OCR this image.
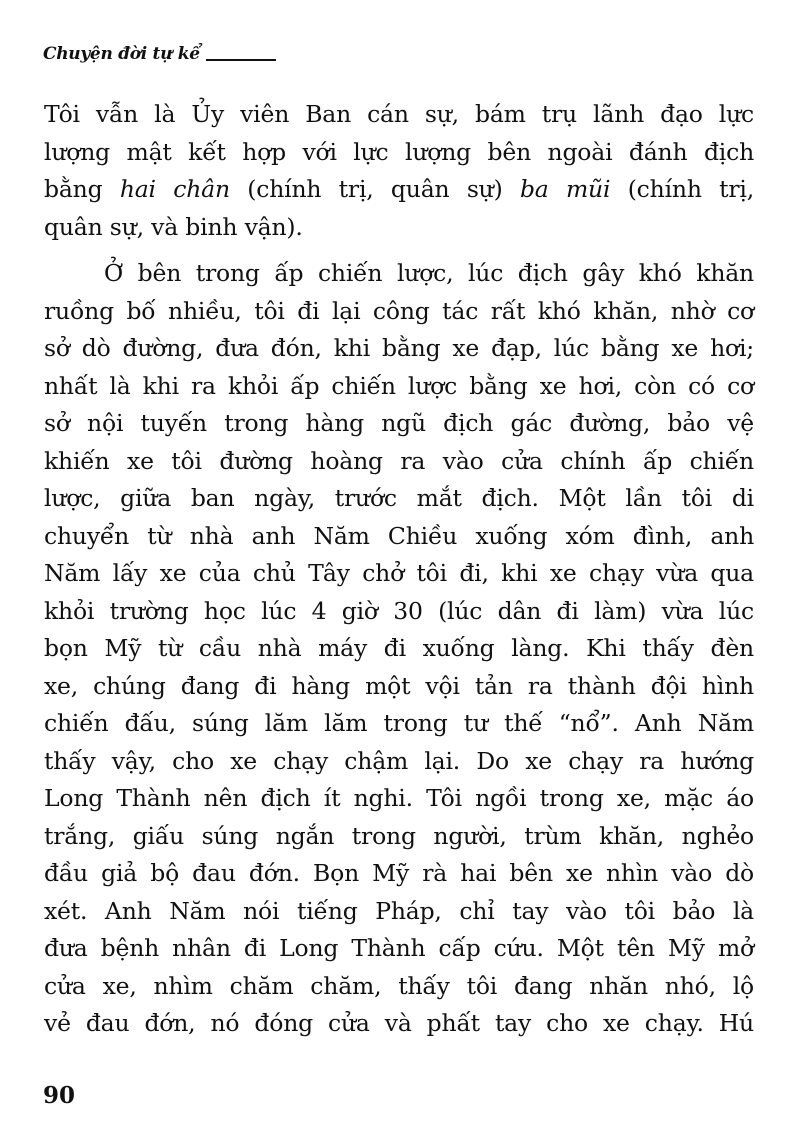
Chuyện đời tự kể
Tôi vẫn là Ủy viên Ban cán sự, bám trụ lãnh đạo lực
lượng mật kết hợp với lực lượng bên ngoài đánh địch
bằng hai chân (chính trị, quân sự) ba mũi (chính trị,
quân sự, và binh vận).
Ở bên trong ấp chiến lược, lúc địch gây khó khăn
ruồng bố nhiều, tôi đi lại công tác rất khó khăn, nhờ cơ
sở dò đường, đưa đón, khi bằng xe đạp, lúc bằng xe hơi;
nhất là khi ra khỏi ấp chiến lược bằng xe hơi, còn có cơ
sở nội tuyến trong hàng ngũ địch gác đường, bảo vệ
khiến xe tôi đường hoàng ra vào cửa chính ấp chiến
lược, giữa ban ngày, trước mắt địch. Một lần tôi di
chuyển từ nhà anh Năm Chiều xuống xóm đình, anh
Năm lấy xe của chủ Tây chở tôi đi, khi xe chạy vừa qua
khỏi trường học lúc 4 giờ 30 (lúc dân đi làm) vừa lúc
bọn Mỹ từ cầu nhà máy đi xuống làng. Khi thấy đèn
xe, chúng đang đi hàng một vội tản ra thành đội hình
chiến đấu, súng lăm lăm trong tư thế “nổ”. Anh Năm
thấy vậy, cho xe chạy chậm lại. Do xe chạy ra hướng
Long Thành nên địch ít nghi. Tôi ngồi trong xe, mặc áo
trắng, giấu súng ngắn trong người, trùm khăn, nghẻo
đầu giả bộ đau đớn. Bọn Mỹ rà hai bên xe nhìn vào dò
xét. Anh Năm nói tiếng Pháp, chỉ tay vào tôi bảo là
đưa bệnh nhân đi Long Thành cấp cứu. Một tên Mỹ mở
cửa xe, nhìm chăm chăm, thấy tôi đang nhăn nhó, lộ
vẻ đau đớn, nó đóng cửa và phất tay cho xe chạy. Hú
90
